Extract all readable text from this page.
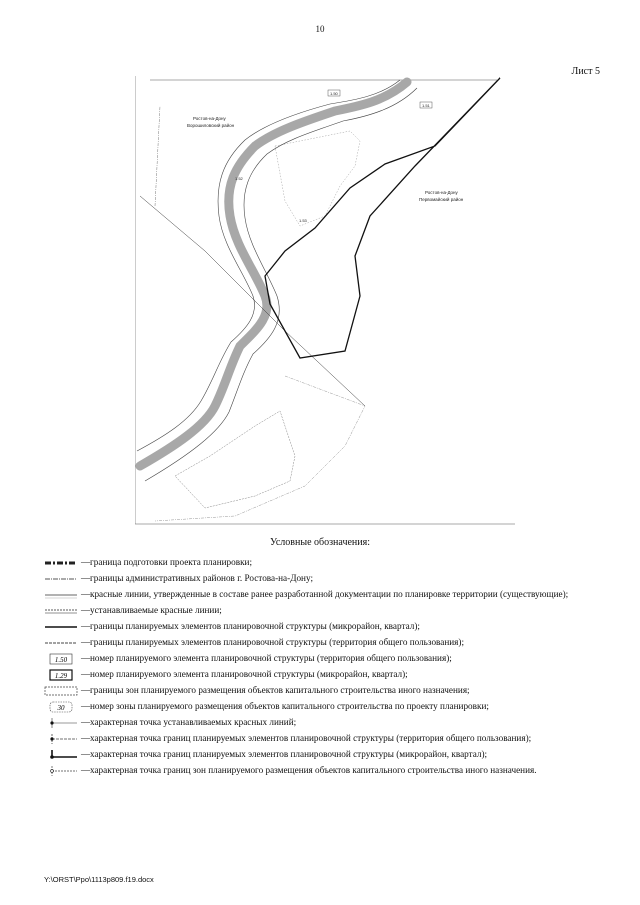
10
Лист 5
Ростов-на-Дону
Ворошиловский район
Ростов-на-Дону
Первомайский район
1.50
1.51
1.52
1.53
Условные обозначения:
— граница подготовки проекта планировки;
— границы административных районов г. Ростова-на-Дону;
— красные линии, утвержденные в составе ранее разработанной документации по планировке территории (существующие);
— устанавливаемые красные линии;
— границы планируемых элементов планировочной структуры (микрорайон, квартал);
— границы планируемых элементов планировочной структуры (территория общего пользования);
1.50 — номер планируемого элемента планировочной структуры (территория общего пользования);
1.29 — номер планируемого элемента планировочной структуры (микрорайон, квартал);
— границы зон планируемого размещения объектов капитального строительства иного назначения;
30 — номер зоны планируемого размещения объектов капитального строительства по проекту планировки;
— характерная точка устанавливаемых красных линий;
— характерная точка границ планируемых элементов планировочной структуры (территория общего пользования);
— характерная точка границ планируемых элементов планировочной структуры (микрорайон, квартал);
— характерная точка границ зон планируемого размещения объектов капитального строительства иного назначения.
Y:\ORST\Ppo\1113p809.f19.docx
